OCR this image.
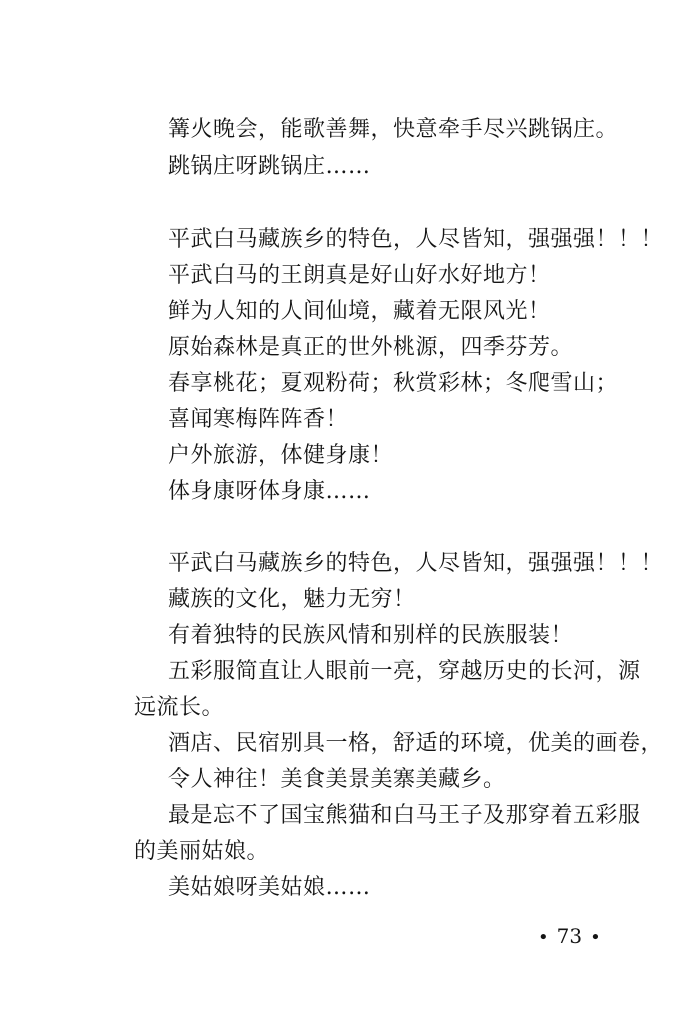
篝火晚会，能歌善舞，快意牵手尽兴跳锅庄。
跳锅庄呀跳锅庄……
平武白马藏族乡的特色，人尽皆知，强强强！！！
平武白马的王朗真是好山好水好地方！
鲜为人知的人间仙境，藏着无限风光！
原始森林是真正的世外桃源，四季芬芳。
春享桃花；夏观粉荷；秋赏彩林；冬爬雪山；
喜闻寒梅阵阵香！
户外旅游，体健身康！
体身康呀体身康……
平武白马藏族乡的特色，人尽皆知，强强强！！！
藏族的文化，魅力无穷！
有着独特的民族风情和别样的民族服装！
五彩服简直让人眼前一亮，穿越历史的长河，源
远流长。
酒店、民宿别具一格，舒适的环境，优美的画卷，
令人神往！美食美景美寨美藏乡。
最是忘不了国宝熊猫和白马王子及那穿着五彩服
的美丽姑娘。
美姑娘呀美姑娘……
• 73 •
